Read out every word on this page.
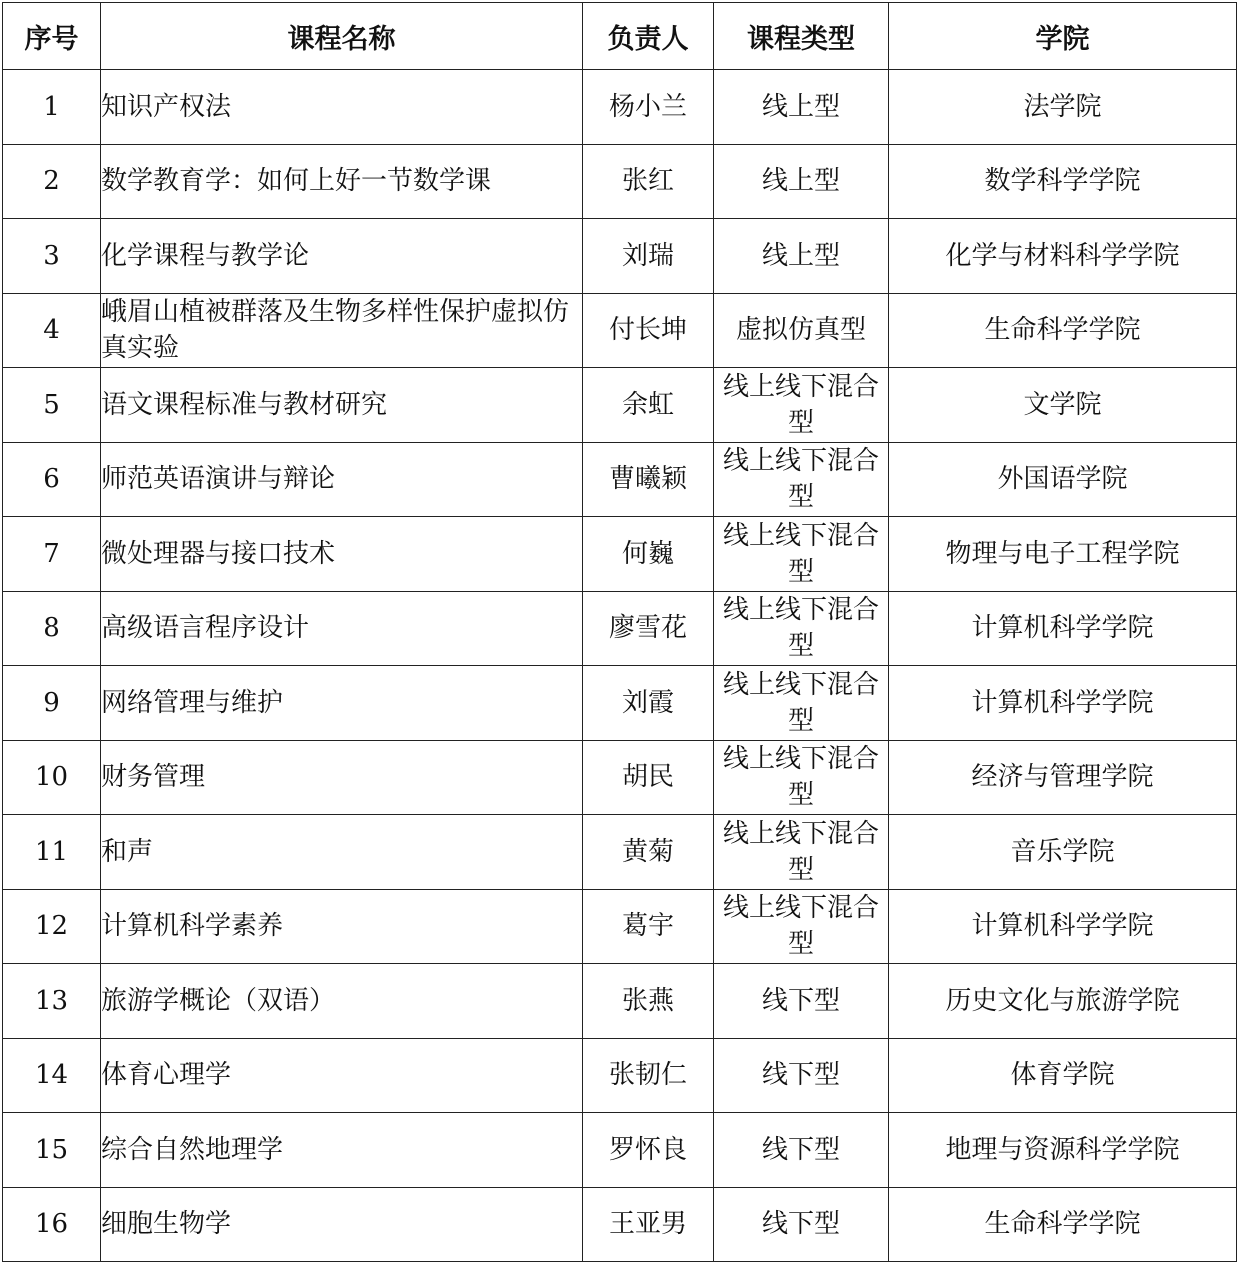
序号	课程名称	负责人	课程类型	学院
1	知识产权法	杨小兰	线上型	法学院
2	数学教育学：如何上好一节数学课	张红	线上型	数学科学学院
3	化学课程与教学论	刘瑞	线上型	化学与材料科学学院
4	峨眉山植被群落及生物多样性保护虚拟仿真实验	付长坤	虚拟仿真型	生命科学学院
5	语文课程标准与教材研究	余虹	线上线下混合型	文学院
6	师范英语演讲与辩论	曹曦颖	线上线下混合型	外国语学院
7	微处理器与接口技术	何巍	线上线下混合型	物理与电子工程学院
8	高级语言程序设计	廖雪花	线上线下混合型	计算机科学学院
9	网络管理与维护	刘霞	线上线下混合型	计算机科学学院
10	财务管理	胡民	线上线下混合型	经济与管理学院
11	和声	黄菊	线上线下混合型	音乐学院
12	计算机科学素养	葛宇	线上线下混合型	计算机科学学院
13	旅游学概论（双语）	张燕	线下型	历史文化与旅游学院
14	体育心理学	张韧仁	线下型	体育学院
15	综合自然地理学	罗怀良	线下型	地理与资源科学学院
16	细胞生物学	王亚男	线下型	生命科学学院
